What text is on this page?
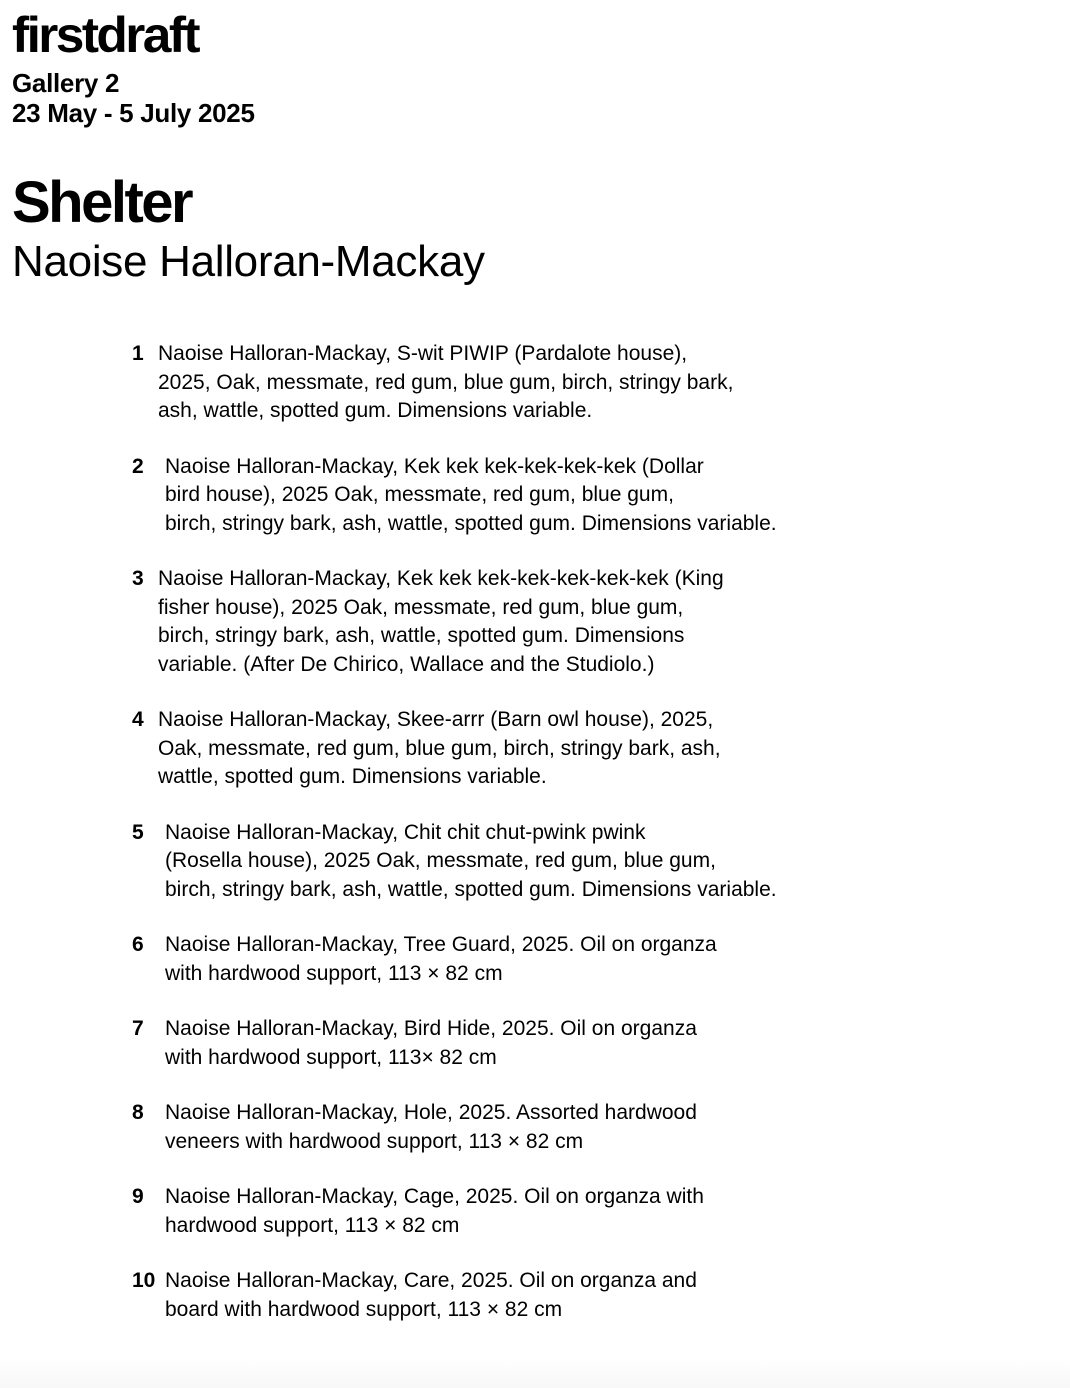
firstdraft
Gallery 2
23 May - 5 July 2025
Shelter
Naoise Halloran-Mackay
1 Naoise Halloran-Mackay, S-wit PIWIP (Pardalote house),
2025, Oak, messmate, red gum, blue gum, birch, stringy bark,
ash, wattle, spotted gum. Dimensions variable.
2	Naoise Halloran-Mackay, Kek kek kek-kek-kek-kek (Dollar
bird house), 2025 Oak, messmate, red gum, blue gum,
birch, stringy bark, ash, wattle, spotted gum. Dimensions variable.
3 Naoise Halloran-Mackay, Kek kek kek-kek-kek-kek-kek (King
fisher house), 2025 Oak, messmate, red gum, blue gum,
birch, stringy bark, ash, wattle, spotted gum. Dimensions
variable. (After De Chirico, Wallace and the Studiolo.)
4 Naoise Halloran-Mackay, Skee-arrr (Barn owl house), 2025,
Oak, messmate, red gum, blue gum, birch, stringy bark, ash,
wattle, spotted gum. Dimensions variable.
5	Naoise Halloran-Mackay, Chit chit chut-pwink pwink
(Rosella house), 2025 Oak, messmate, red gum, blue gum,
birch, stringy bark, ash, wattle, spotted gum. Dimensions variable.
6	Naoise Halloran-Mackay, Tree Guard, 2025. Oil on organza
with hardwood support, 113 × 82 cm
7	Naoise Halloran-Mackay, Bird Hide, 2025. Oil on organza
with hardwood support, 113× 82 cm
8	Naoise Halloran-Mackay, Hole, 2025. Assorted hardwood
veneers with hardwood support, 113 × 82 cm
9	Naoise Halloran-Mackay, Cage, 2025. Oil on organza with
hardwood support, 113 × 82 cm
10 Naoise Halloran-Mackay, Care, 2025. Oil on organza and
board with hardwood support, 113 × 82 cm
